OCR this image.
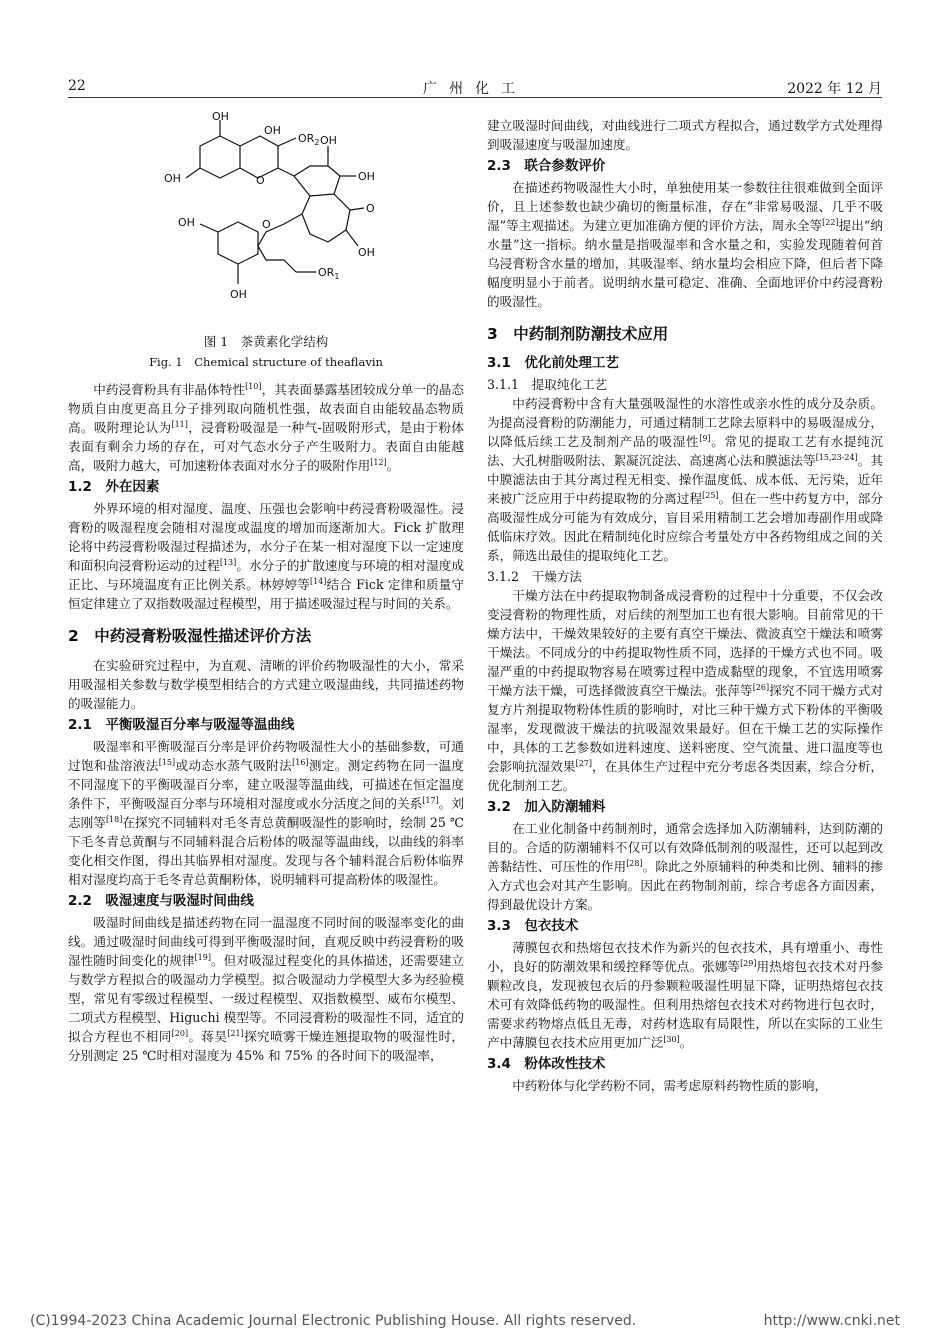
22	广州化工	2022 年 12 月
OH
OH
$OR_2$
OH	O
OH
OH
O
OH
OH	O
$OR_1$
OH
图 1　茶黄素化学结构
Fig. 1　Chemical structure of theaflavin

中药浸膏粉具有非晶体特性[10]，其表面暴露基团较成分单一的晶态物质自由度更高且分子排列取向随机性强，故表面自由能较晶态物质高。吸附理论认为[11]，浸膏粉吸湿是一种气-固吸附形式，是由于粉体表面有剩余力场的存在，可对气态水分子产生吸附力。表面自由能越高，吸附力越大，可加速粉体表面对水分子的吸附作用[12]。

1.2　外在因素

外界环境的相对湿度、温度、压强也会影响中药浸膏粉吸湿性。浸膏粉的吸湿程度会随相对湿度或温度的增加而逐渐加大。Fick 扩散理论将中药浸膏粉吸湿过程描述为，水分子在某一相对湿度下以一定速度和面积向浸膏粉运动的过程[13]。水分子的扩散速度与环境的相对湿度成正比、与环境温度有正比例关系。林婷婷等[14]结合 Fick 定律和质量守恒定律建立了双指数吸湿过程模型，用于描述吸湿过程与时间的关系。

2　中药浸膏粉吸湿性描述评价方法

在实验研究过程中，为直观、清晰的评价药物吸湿性的大小，常采用吸湿相关参数与数学模型相结合的方式建立吸湿曲线，共同描述药物的吸湿能力。

2.1　平衡吸湿百分率与吸湿等温曲线

吸湿率和平衡吸湿百分率是评价药物吸湿性大小的基础参数，可通过饱和盐溶液法[15]或动态水蒸气吸附法[16]测定。测定药物在同一温度不同湿度下的平衡吸湿百分率，建立吸湿等温曲线，可描述在恒定温度条件下，平衡吸湿百分率与环境相对湿度或水分活度之间的关系[17]。刘志刚等[18]在探究不同辅料对毛冬青总黄酮吸湿性的影响时，绘制 25 ℃下毛冬青总黄酮与不同辅料混合后粉体的吸湿等温曲线，以曲线的斜率变化相交作图，得出其临界相对湿度。发现与各个辅料混合后粉体临界相对湿度均高于毛冬青总黄酮粉体，说明辅料可提高粉体的吸湿性。

2.2　吸湿速度与吸湿时间曲线

吸湿时间曲线是描述药物在同一温湿度不同时间的吸湿率变化的曲线。通过吸湿时间曲线可得到平衡吸湿时间，直观反映中药浸膏粉的吸湿性随时间变化的规律[19]。但对吸湿过程变化的具体描述，还需要建立与数学方程拟合的吸湿动力学模型。拟合吸湿动力学模型大多为经验模型，常见有零级过程模型、一级过程模型、双指数模型、威布尔模型、二项式方程模型、Higuchi 模型等。不同浸膏粉的吸湿性不同，适宜的拟合方程也不相同[20]。蒋昊[21]探究喷雾干燥连翘提取物的吸湿性时，分别测定 25 ℃时相对湿度为 45% 和 75% 的各时间下的吸湿率，

建立吸湿时间曲线，对曲线进行二项式方程拟合，通过数学方式处理得到吸湿速度与吸湿加速度。

2.3　联合参数评价

在描述药物吸湿性大小时，单独使用某一参数往往很难做到全面评价，且上述参数也缺少确切的衡量标准，存在“非常易吸湿、几乎不吸湿”等主观描述。为建立更加准确方便的评价方法，周永全等[22]提出“纳水量”这一指标。纳水量是指吸湿率和含水量之和，实验发现随着何首乌浸膏粉含水量的增加，其吸湿率、纳水量均会相应下降，但后者下降幅度明显小于前者。说明纳水量可稳定、准确、全面地评价中药浸膏粉的吸湿性。

3　中药制剂防潮技术应用
3.1　优化前处理工艺
3.1.1　提取纯化工艺

中药浸膏粉中含有大量强吸湿性的水溶性或亲水性的成分及杂质。为提高浸膏粉的防潮能力，可通过精制工艺除去原料中的易吸湿成分，以降低后续工艺及制剂产品的吸湿性[9]。常见的提取工艺有水提纯沉法、大孔树脂吸附法、絮凝沉淀法、高速离心法和膜滤法等[15,23-24]。其中膜滤法由于其分离过程无相变、操作温度低、成本低、无污染，近年来被广泛应用于中药提取物的分离过程[25]。但在一些中药复方中，部分高吸湿性成分可能为有效成分，盲目采用精制工艺会增加毒副作用或降低临床疗效。因此在精制纯化时应综合考量处方中各药物组成之间的关系，筛选出最佳的提取纯化工艺。

3.1.2　干燥方法

干燥方法在中药提取物制备成浸膏粉的过程中十分重要，不仅会改变浸膏粉的物理性质，对后续的剂型加工也有很大影响。目前常见的干燥方法中，干燥效果较好的主要有真空干燥法、微波真空干燥法和喷雾干燥法。不同成分的中药提取物性质不同，选择的干燥方式也不同。吸湿严重的中药提取物容易在喷雾过程中造成黏壁的现象，不宜选用喷雾干燥方法干燥，可选择微波真空干燥法。张萍等[26]探究不同干燥方式对复方片剂提取物粉体性质的影响时，对比三种干燥方式下粉体的平衡吸湿率，发现微波干燥法的抗吸湿效果最好。但在干燥工艺的实际操作中，具体的工艺参数如进料速度、送料密度、空气流量、进口温度等也会影响抗湿效果[27]，在具体生产过程中充分考虑各类因素，综合分析，优化制剂工艺。

3.2　加入防潮辅料

在工业化制备中药制剂时，通常会选择加入防潮辅料，达到防潮的目的。合适的防潮辅料不仅可以有效降低制剂的吸湿性，还可以起到改善黏结性、可压性的作用[28]。除此之外原辅料的种类和比例、辅料的掺入方式也会对其产生影响。因此在药物制剂前，综合考虑各方面因素，得到最优设计方案。

3.3　包衣技术

薄膜包衣和热熔包衣技术作为新兴的包衣技术，具有增重小、毒性小，良好的防潮效果和缓控释等优点。张娜等[29]用热熔包衣技术对丹参颗粒改良，发现被包衣后的丹参颗粒吸湿性明显下降，证明热熔包衣技术可有效降低药物的吸湿性。但利用热熔包衣技术对药物进行包衣时，需要求药物熔点低且无毒，对药材选取有局限性，所以在实际的工业生产中薄膜包衣技术应用更加广泛[30]。

3.4　粉体改性技术

中药粉体与化学药粉不同，需考虑原料药物性质的影响，

(C)1994-2023 China Academic Journal Electronic Publishing House. All rights reserved.	http://www.cnki.net
